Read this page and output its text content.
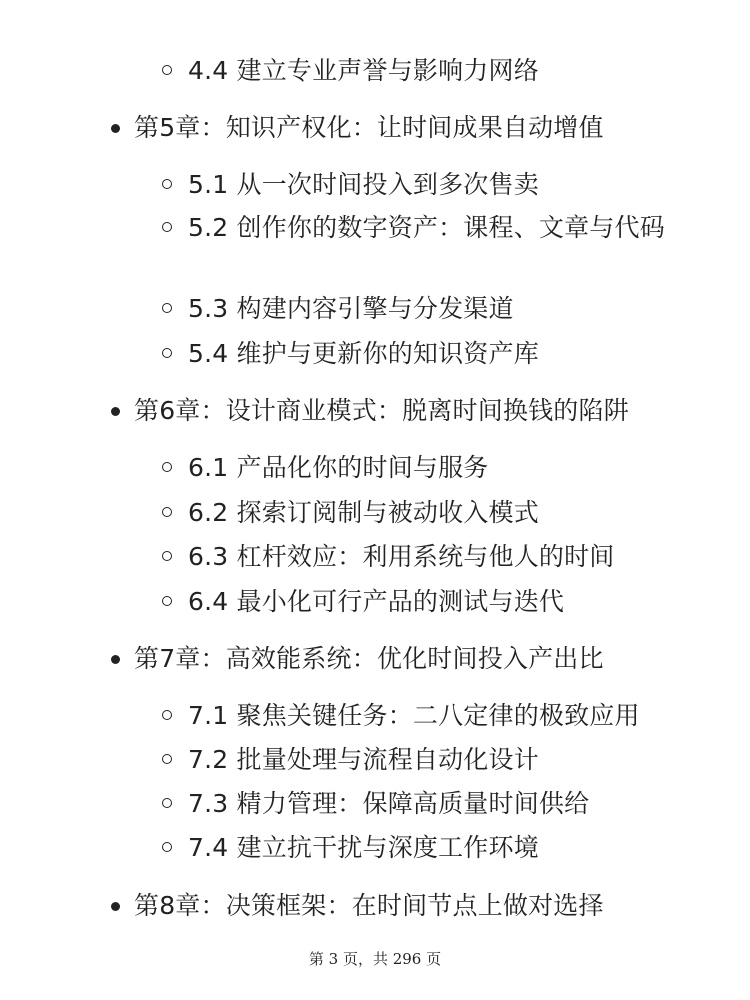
4.4 建立专业声誉与影响力网络
第5章：知识产权化：让时间成果自动增值
5.1 从一次时间投入到多次售卖
5.2 创作你的数字资产：课程、文章与代码
5.3 构建内容引擎与分发渠道
5.4 维护与更新你的知识资产库
第6章：设计商业模式：脱离时间换钱的陷阱
6.1 产品化你的时间与服务
6.2 探索订阅制与被动收入模式
6.3 杠杆效应：利用系统与他人的时间
6.4 最小化可行产品的测试与迭代
第7章：高效能系统：优化时间投入产出比
7.1 聚焦关键任务：二八定律的极致应用
7.2 批量处理与流程自动化设计
7.3 精力管理：保障高质量时间供给
7.4 建立抗干扰与深度工作环境
第8章：决策框架：在时间节点上做对选择
第 3 页，共 296 页
